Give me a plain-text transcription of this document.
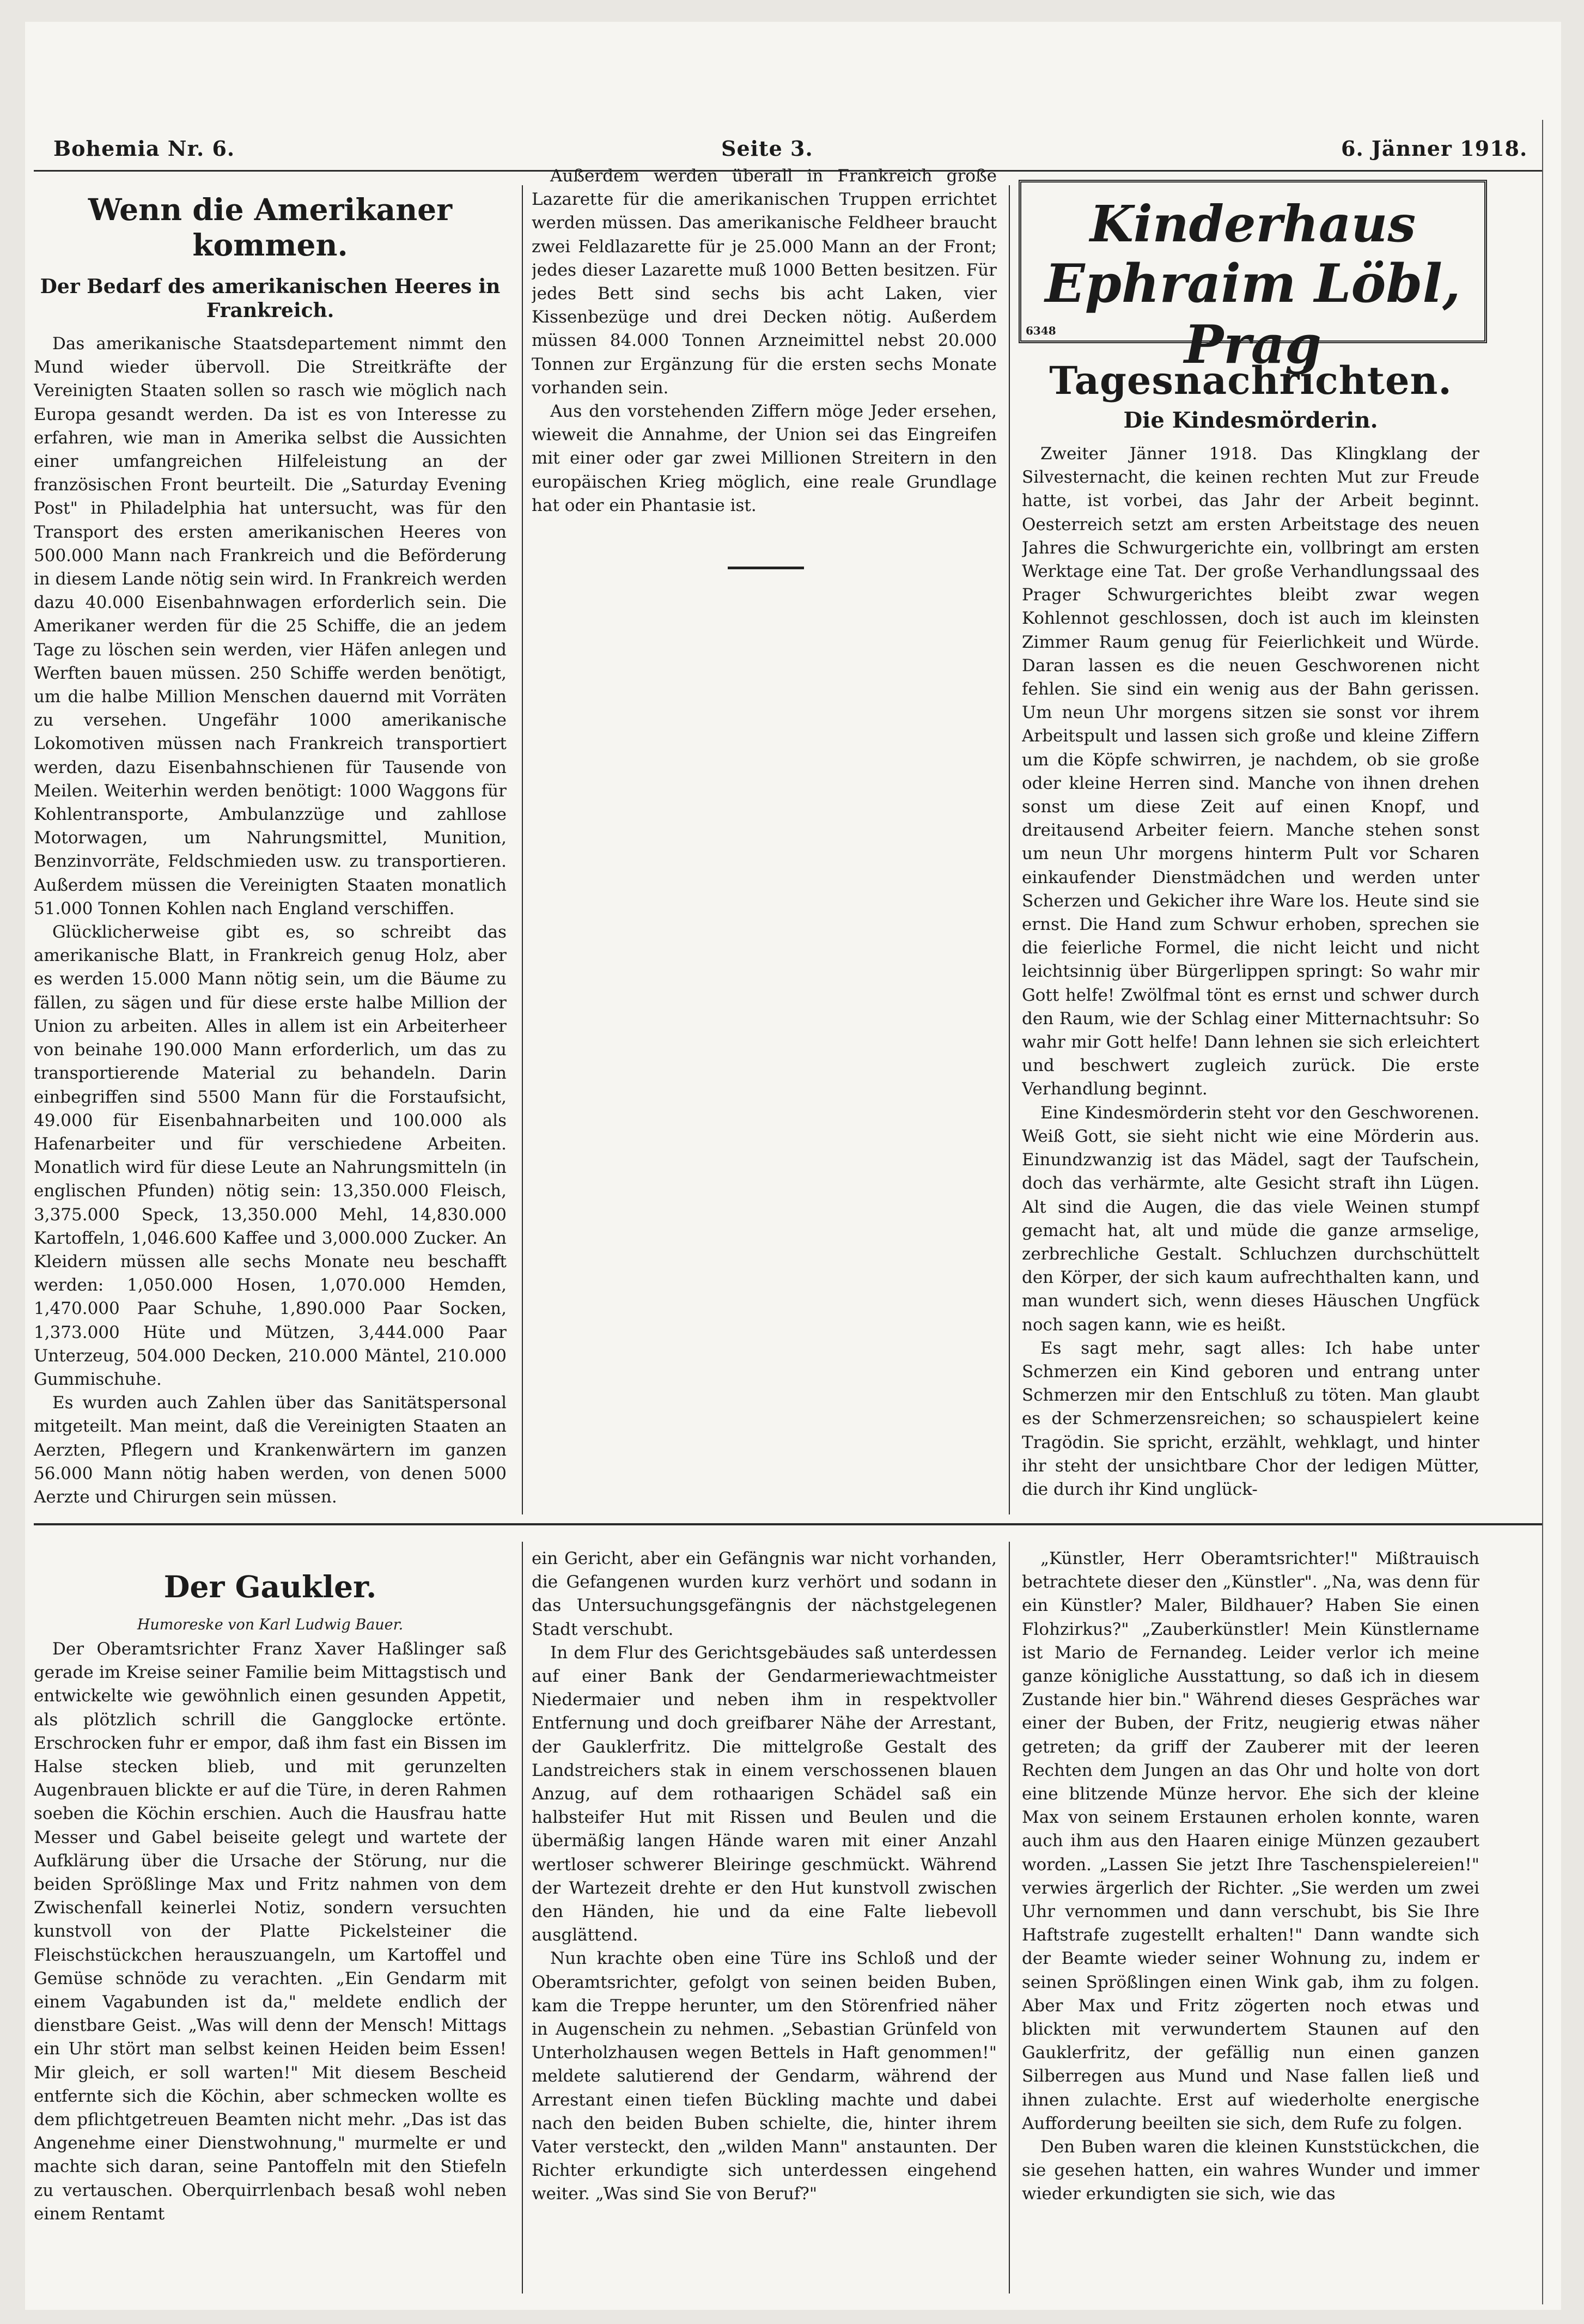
Bohemia Nr. 6.	Seite 3.	6. Jänner 1918.
Wenn die Amerikaner kommen.
Der Bedarf des amerikanischen Heeres in Frankreich.

Das amerikanische Staatsdepartement nimmt den Mund wieder übervoll. Die Streitkräfte der Vereinigten Staaten sollen so rasch wie möglich nach Europa gesandt werden. Da ist es von Interesse zu erfahren, wie man in Amerika selbst die Aussichten einer umfangreichen Hilfeleistung an der französischen Front beurteilt. Die „Saturday Evening Post" in Philadelphia hat untersucht, was für den Transport des ersten amerikanischen Heeres von 500.000 Mann nach Frankreich und die Beförderung in diesem Lande nötig sein wird. In Frankreich werden dazu 40.000 Eisenbahnwagen erforderlich sein. Die Amerikaner werden für die 25 Schiffe, die an jedem Tage zu löschen sein werden, vier Häfen anlegen und Werften bauen müssen. 250 Schiffe werden benötigt, um die halbe Million Menschen dauernd mit Vorräten zu versehen. Ungefähr 1000 amerikanische Lokomotiven müssen nach Frankreich transportiert werden, dazu Eisenbahnschienen für Tausende von Meilen. Weiterhin werden benötigt: 1000 Waggons für Kohlentransporte, Ambulanzzüge und zahllose Motorwagen, um Nahrungsmittel, Munition, Benzinvorräte, Feldschmieden usw. zu transportieren. Außerdem müssen die Vereinigten Staaten monatlich 51.000 Tonnen Kohlen nach England verschiffen.

Glücklicherweise gibt es, so schreibt das amerikanische Blatt, in Frankreich genug Holz, aber es werden 15.000 Mann nötig sein, um die Bäume zu fällen, zu sägen und für diese erste halbe Million der Union zu arbeiten. Alles in allem ist ein Arbeiterheer von beinahe 190.000 Mann erforderlich, um das zu transportierende Material zu behandeln. Darin einbegriffen sind 5500 Mann für die Forstaufsicht, 49.000 für Eisenbahnarbeiten und 100.000 als Hafenarbeiter und für verschiedene Arbeiten. Monatlich wird für diese Leute an Nahrungsmitteln (in englischen Pfunden) nötig sein: 13,350.000 Fleisch, 3,375.000 Speck, 13,350.000 Mehl, 14,830.000 Kartoffeln, 1,046.600 Kaffee und 3,000.000 Zucker. An Kleidern müssen alle sechs Monate neu beschafft werden: 1,050.000 Hosen, 1,070.000 Hemden, 1,470.000 Paar Schuhe, 1,890.000 Paar Socken, 1,373.000 Hüte und Mützen, 3,444.000 Paar Unterzeug, 504.000 Decken, 210.000 Mäntel, 210.000 Gummischuhe.

Es wurden auch Zahlen über das Sanitätspersonal mitgeteilt. Man meint, daß die Vereinigten Staaten an Aerzten, Pflegern und Krankenwärtern im ganzen 56.000 Mann nötig haben werden, von denen 5000 Aerzte und Chirurgen sein müssen.

Außerdem werden überall in Frankreich große Lazarette für die amerikanischen Truppen errichtet werden müssen. Das amerikanische Feldheer braucht zwei Feldlazarette für je 25.000 Mann an der Front; jedes dieser Lazarette muß 1000 Betten besitzen. Für jedes Bett sind sechs bis acht Laken, vier Kissenbezüge und drei Decken nötig. Außerdem müssen 84.000 Tonnen Arzneimittel nebst 20.000 Tonnen zur Ergänzung für die ersten sechs Monate vorhanden sein.

Aus den vorstehenden Ziffern möge Jeder ersehen, wieweit die Annahme, der Union sei das Eingreifen mit einer oder gar zwei Millionen Streitern in den europäischen Krieg möglich, eine reale Grundlage hat oder ein Phantasie ist.

Kinderhaus
Ephraim Löbl, Prag
6348
Tagesnachrichten.
Die Kindesmörderin.

Zweiter Jänner 1918. Das Klingklang der Silvesternacht, die keinen rechten Mut zur Freude hatte, ist vorbei, das Jahr der Arbeit beginnt. Oesterreich setzt am ersten Arbeitstage des neuen Jahres die Schwurgerichte ein, vollbringt am ersten Werktage eine Tat. Der große Verhandlungssaal des Prager Schwurgerichtes bleibt zwar wegen Kohlennot geschlossen, doch ist auch im kleinsten Zimmer Raum genug für Feierlichkeit und Würde. Daran lassen es die neuen Geschworenen nicht fehlen. Sie sind ein wenig aus der Bahn gerissen. Um neun Uhr morgens sitzen sie sonst vor ihrem Arbeitspult und lassen sich große und kleine Ziffern um die Köpfe schwirren, je nachdem, ob sie große oder kleine Herren sind. Manche von ihnen drehen sonst um diese Zeit auf einen Knopf, und dreitausend Arbeiter feiern. Manche stehen sonst um neun Uhr morgens hinterm Pult vor Scharen einkaufender Dienstmädchen und werden unter Scherzen und Gekicher ihre Ware los. Heute sind sie ernst. Die Hand zum Schwur erhoben, sprechen sie die feierliche Formel, die nicht leicht und nicht leichtsinnig über Bürgerlippen springt: So wahr mir Gott helfe! Zwölfmal tönt es ernst und schwer durch den Raum, wie der Schlag einer Mitternachtsuhr: So wahr mir Gott helfe! Dann lehnen sie sich erleichtert und beschwert zugleich zurück. Die erste Verhandlung beginnt.

Eine Kindesmörderin steht vor den Geschworenen. Weiß Gott, sie sieht nicht wie eine Mörderin aus. Einundzwanzig ist das Mädel, sagt der Taufschein, doch das verhärmte, alte Gesicht straft ihn Lügen. Alt sind die Augen, die das viele Weinen stumpf gemacht hat, alt und müde die ganze armselige, zerbrechliche Gestalt. Schluchzen durchschüttelt den Körper, der sich kaum aufrechthalten kann, und man wundert sich, wenn dieses Häuschen Ungfück noch sagen kann, wie es heißt.

Es sagt mehr, sagt alles: Ich habe unter Schmerzen ein Kind geboren und entrang unter Schmerzen mir den Entschluß zu töten. Man glaubt es der Schmerzensreichen; so schauspielert keine Tragödin. Sie spricht, erzählt, wehklagt, und hinter ihr steht der unsichtbare Chor der ledigen Mütter, die durch ihr Kind unglück-

Der Gaukler.
Humoreske von Karl Ludwig Bauer.

Der Oberamtsrichter Franz Xaver Haßlinger saß gerade im Kreise seiner Familie beim Mittagstisch und entwickelte wie gewöhnlich einen gesunden Appetit, als plötzlich schrill die Gangglocke ertönte. Erschrocken fuhr er empor, daß ihm fast ein Bissen im Halse stecken blieb, und mit gerunzelten Augenbrauen blickte er auf die Türe, in deren Rahmen soeben die Köchin erschien. Auch die Hausfrau hatte Messer und Gabel beiseite gelegt und wartete der Aufklärung über die Ursache der Störung, nur die beiden Sprößlinge Max und Fritz nahmen von dem Zwischenfall keinerlei Notiz, sondern versuchten kunstvoll von der Platte Pickelsteiner die Fleischstückchen herauszuangeln, um Kartoffel und Gemüse schnöde zu verachten. „Ein Gendarm mit einem Vagabunden ist da," meldete endlich der dienstbare Geist. „Was will denn der Mensch! Mittags ein Uhr stört man selbst keinen Heiden beim Essen! Mir gleich, er soll warten!" Mit diesem Bescheid entfernte sich die Köchin, aber schmecken wollte es dem pflichtgetreuen Beamten nicht mehr. „Das ist das Angenehme einer Dienstwohnung," murmelte er und machte sich daran, seine Pantoffeln mit den Stiefeln zu vertauschen. Oberquirrlenbach besaß wohl neben einem Rentamt

ein Gericht, aber ein Gefängnis war nicht vorhanden, die Gefangenen wurden kurz verhört und sodann in das Untersuchungsgefängnis der nächstgelegenen Stadt verschubt.

In dem Flur des Gerichtsgebäudes saß unterdessen auf einer Bank der Gendarmeriewachtmeister Niedermaier und neben ihm in respektvoller Entfernung und doch greifbarer Nähe der Arrestant, der Gauklerfritz. Die mittelgroße Gestalt des Landstreichers stak in einem verschossenen blauen Anzug, auf dem rothaarigen Schädel saß ein halbsteifer Hut mit Rissen und Beulen und die übermäßig langen Hände waren mit einer Anzahl wertloser schwerer Bleiringe geschmückt. Während der Wartezeit drehte er den Hut kunstvoll zwischen den Händen, hie und da eine Falte liebevoll ausglättend.

Nun krachte oben eine Türe ins Schloß und der Oberamtsrichter, gefolgt von seinen beiden Buben, kam die Treppe herunter, um den Störenfried näher in Augenschein zu nehmen. „Sebastian Grünfeld von Unterholzhausen wegen Bettels in Haft genommen!" meldete salutierend der Gendarm, während der Arrestant einen tiefen Bückling machte und dabei nach den beiden Buben schielte, die, hinter ihrem Vater versteckt, den „wilden Mann" anstaunten. Der Richter erkundigte sich unterdessen eingehend weiter. „Was sind Sie von Beruf?"

„Künstler, Herr Oberamtsrichter!" Mißtrauisch betrachtete dieser den „Künstler". „Na, was denn für ein Künstler? Maler, Bildhauer? Haben Sie einen Flohzirkus?" „Zauberkünstler! Mein Künstlername ist Mario de Fernandeg. Leider verlor ich meine ganze königliche Ausstattung, so daß ich in diesem Zustande hier bin." Während dieses Gespräches war einer der Buben, der Fritz, neugierig etwas näher getreten; da griff der Zauberer mit der leeren Rechten dem Jungen an das Ohr und holte von dort eine blitzende Münze hervor. Ehe sich der kleine Max von seinem Erstaunen erholen konnte, waren auch ihm aus den Haaren einige Münzen gezaubert worden. „Lassen Sie jetzt Ihre Taschenspielereien!" verwies ärgerlich der Richter. „Sie werden um zwei Uhr vernommen und dann verschubt, bis Sie Ihre Haftstrafe zugestellt erhalten!" Dann wandte sich der Beamte wieder seiner Wohnung zu, indem er seinen Sprößlingen einen Wink gab, ihm zu folgen. Aber Max und Fritz zögerten noch etwas und blickten mit verwundertem Staunen auf den Gauklerfritz, der gefällig nun einen ganzen Silberregen aus Mund und Nase fallen ließ und ihnen zulachte. Erst auf wiederholte energische Aufforderung beeilten sie sich, dem Rufe zu folgen.

Den Buben waren die kleinen Kunststückchen, die sie gesehen hatten, ein wahres Wunder und immer wieder erkundigten sie sich, wie das
